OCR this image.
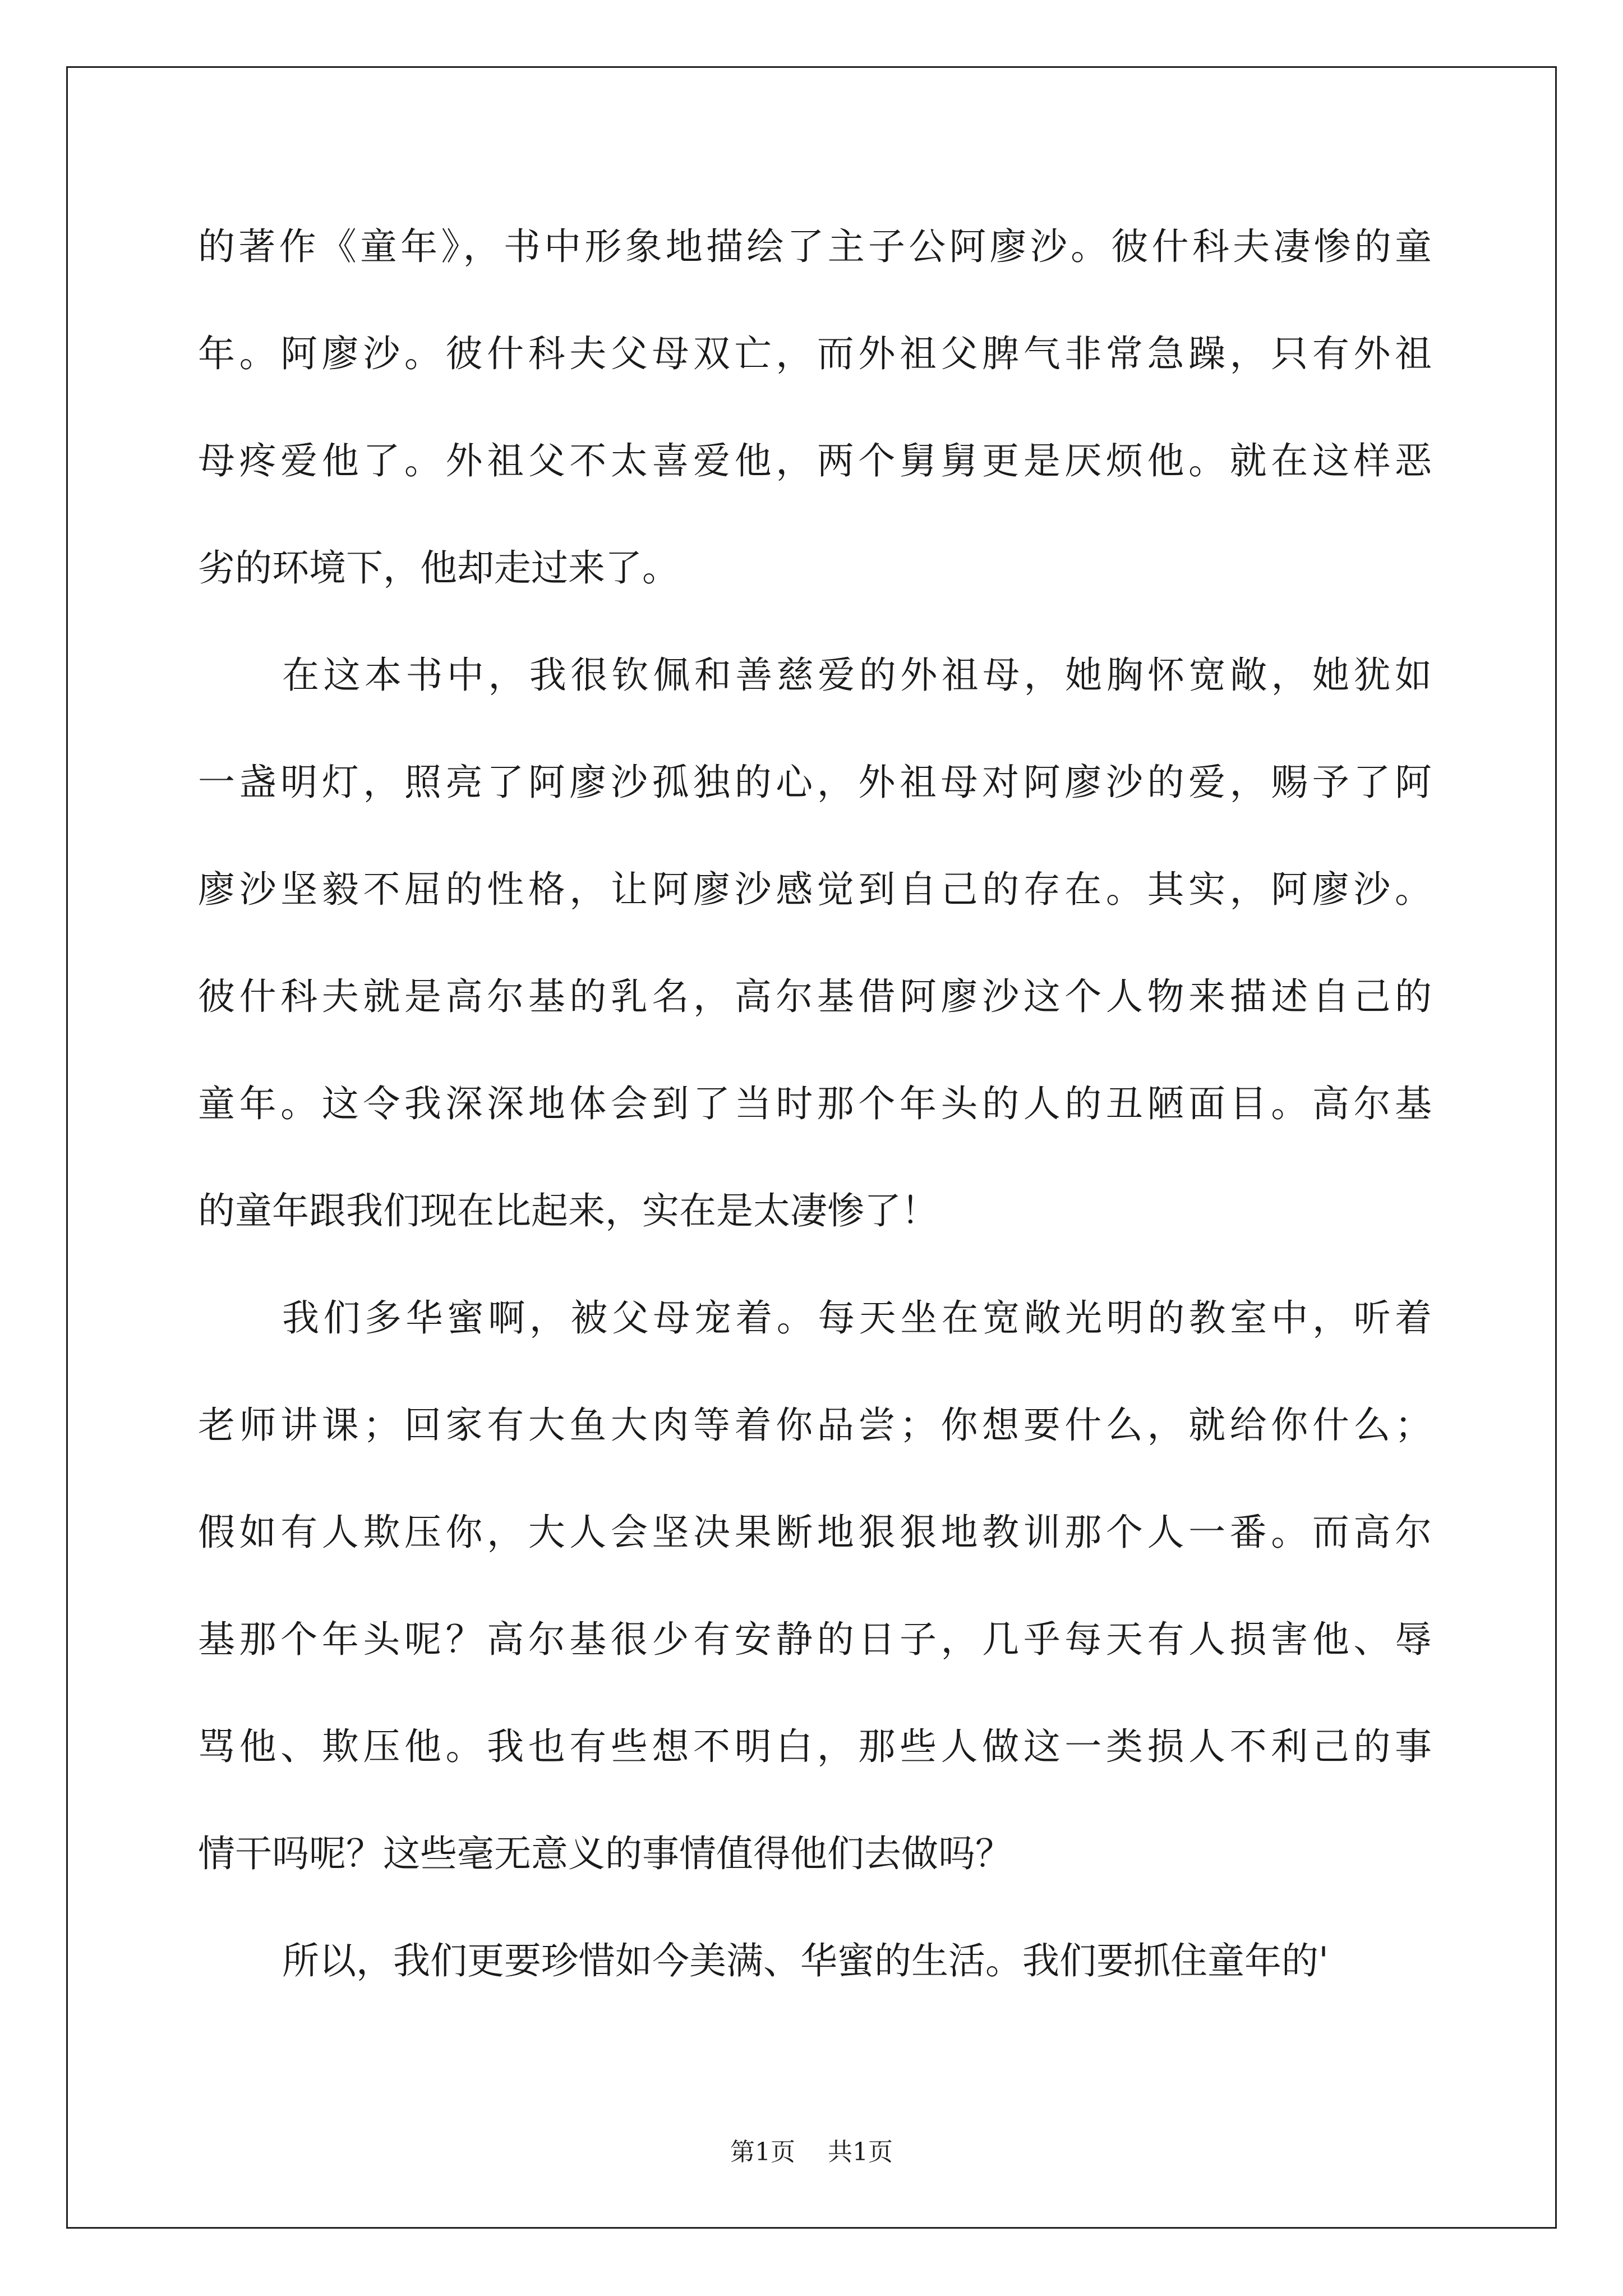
的著作《童年》，书中形象地描绘了主子公阿廖沙。彼什科夫凄惨的童
年。阿廖沙。彼什科夫父母双亡，而外祖父脾气非常急躁，只有外祖
母疼爱他了。外祖父不太喜爱他，两个舅舅更是厌烦他。就在这样恶
劣的环境下，他却走过来了。
在这本书中，我很钦佩和善慈爱的外祖母，她胸怀宽敞，她犹如
一盏明灯，照亮了阿廖沙孤独的心，外祖母对阿廖沙的爱，赐予了阿
廖沙坚毅不屈的性格，让阿廖沙感觉到自己的存在。其实，阿廖沙。
彼什科夫就是高尔基的乳名，高尔基借阿廖沙这个人物来描述自己的
童年。这令我深深地体会到了当时那个年头的人的丑陋面目。高尔基
的童年跟我们现在比起来，实在是太凄惨了！
我们多华蜜啊，被父母宠着。每天坐在宽敞光明的教室中，听着
老师讲课；回家有大鱼大肉等着你品尝；你想要什么，就给你什么；
假如有人欺压你，大人会坚决果断地狠狠地教训那个人一番。而高尔
基那个年头呢？高尔基很少有安静的日子，几乎每天有人损害他、辱
骂他、欺压他。我也有些想不明白，那些人做这一类损人不利己的事
情干吗呢？这些毫无意义的事情值得他们去做吗？
所以，我们更要珍惜如今美满、华蜜的生活。我们要抓住童年的'
第1页 共1页
